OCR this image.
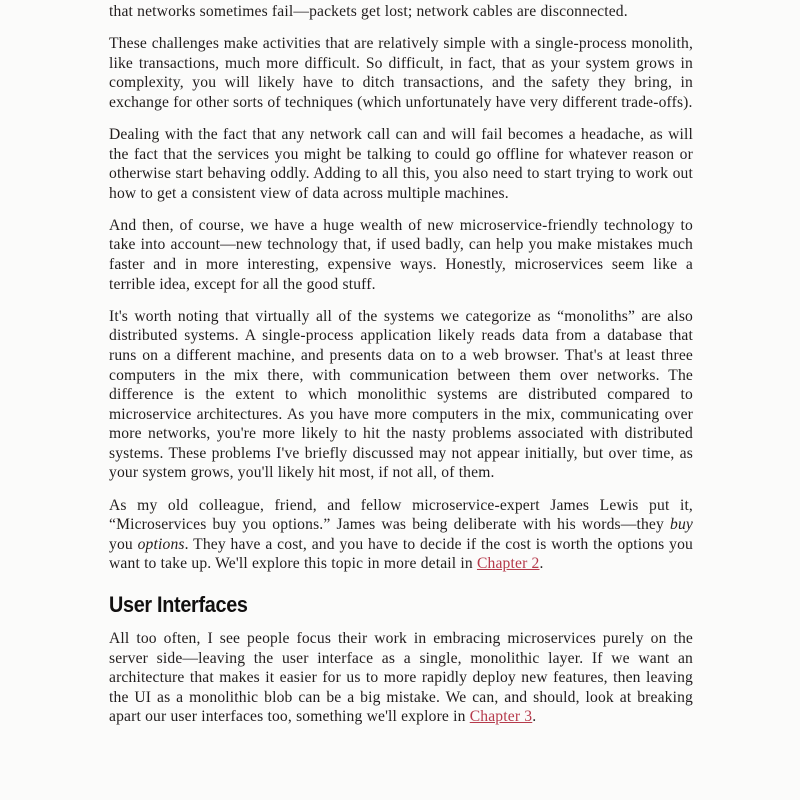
that networks sometimes fail—packets get lost; network cables are disconnected.

These challenges make activities that are relatively simple with a single-process monolith, like transactions, much more difficult. So difficult, in fact, that as your system grows in complexity, you will likely have to ditch transactions, and the safety they bring, in exchange for other sorts of techniques (which unfortunately have very different trade-offs).

Dealing with the fact that any network call can and will fail becomes a headache, as will the fact that the services you might be talking to could go offline for whatever reason or otherwise start behaving oddly. Adding to all this, you also need to start trying to work out how to get a consistent view of data across multiple machines.

And then, of course, we have a huge wealth of new microservice-friendly technology to take into account—new technology that, if used badly, can help you make mistakes much faster and in more interesting, expensive ways. Honestly, microservices seem like a terrible idea, except for all the good stuff.

It's worth noting that virtually all of the systems we categorize as “monoliths” are also distributed systems. A single-process application likely reads data from a database that runs on a different machine, and presents data on to a web browser. That's at least three computers in the mix there, with communication between them over networks. The difference is the extent to which monolithic systems are distributed compared to microservice architectures. As you have more computers in the mix, communicating over more networks, you're more likely to hit the nasty problems associated with distributed systems. These problems I've briefly discussed may not appear initially, but over time, as your system grows, you'll likely hit most, if not all, of them.

As my old colleague, friend, and fellow microservice-expert James Lewis put it, “Microservices buy you options.” James was being deliberate with his words—they buy you options. They have a cost, and you have to decide if the cost is worth the options you want to take up. We'll explore this topic in more detail in Chapter 2.

User Interfaces

All too often, I see people focus their work in embracing microservices purely on the server side—leaving the user interface as a single, monolithic layer. If we want an architecture that makes it easier for us to more rapidly deploy new features, then leaving the UI as a monolithic blob can be a big mistake. We can, and should, look at breaking apart our user interfaces too, something we'll explore in Chapter 3.
